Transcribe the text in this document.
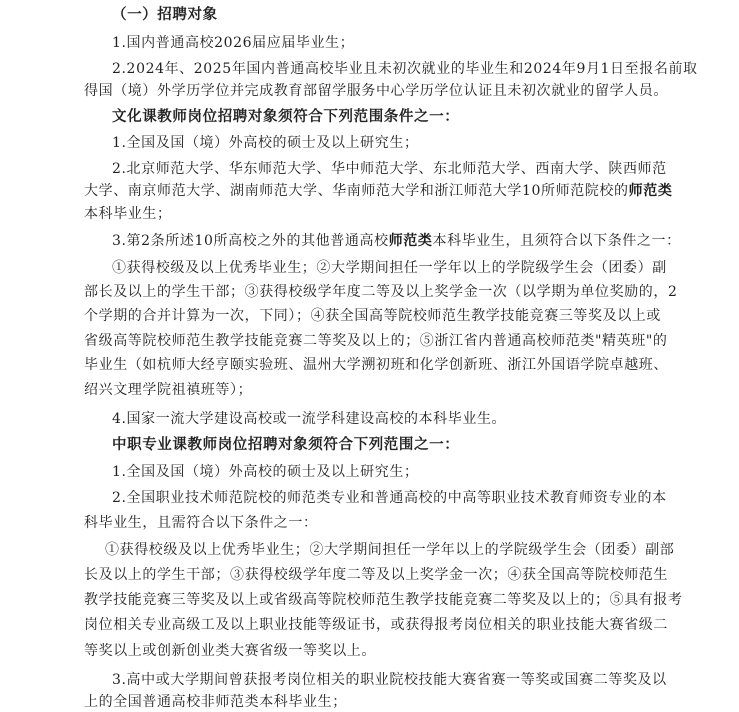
（一）招聘对象
1.国内普通高校2026届应届毕业生；
2.2024年、2025年国内普通高校毕业且未初次就业的毕业生和2024年9月1日至报名前取
得国（境）外学历学位并完成教育部留学服务中心学历学位认证且未初次就业的留学人员。
文化课教师岗位招聘对象须符合下列范围条件之一：
1.全国及国（境）外高校的硕士及以上研究生；
2.北京师范大学、华东师范大学、华中师范大学、东北师范大学、西南大学、陕西师范
大学、南京师范大学、湖南师范大学、华南师范大学和浙江师范大学10所师范院校的师范类
本科毕业生；
3.第2条所述10所高校之外的其他普通高校师范类本科毕业生，且须符合以下条件之一：
①获得校级及以上优秀毕业生；②大学期间担任一学年以上的学院级学生会（团委）副
部长及以上的学生干部；③获得校级学年度二等及以上奖学金一次（以学期为单位奖励的，2
个学期的合并计算为一次，下同）；④获全国高等院校师范生教学技能竞赛三等奖及以上或
省级高等院校师范生教学技能竞赛二等奖及以上的；⑤浙江省内普通高校师范类"精英班"的
毕业生（如杭师大经亨颐实验班、温州大学溯初班和化学创新班、浙江外国语学院卓越班、
绍兴文理学院祖禛班等）；
4.国家一流大学建设高校或一流学科建设高校的本科毕业生。
中职专业课教师岗位招聘对象须符合下列范围之一：
1.全国及国（境）外高校的硕士及以上研究生；
2.全国职业技术师范院校的师范类专业和普通高校的中高等职业技术教育师资专业的本
科毕业生，且需符合以下条件之一：
①获得校级及以上优秀毕业生；②大学期间担任一学年以上的学院级学生会（团委）副部
长及以上的学生干部；③获得校级学年度二等及以上奖学金一次；④获全国高等院校师范生
教学技能竞赛三等奖及以上或省级高等院校师范生教学技能竞赛二等奖及以上的；⑤具有报考
岗位相关专业高级工及以上职业技能等级证书，或获得报考岗位相关的职业技能大赛省级二
等奖以上或创新创业类大赛省级一等奖以上。
3.高中或大学期间曾获报考岗位相关的职业院校技能大赛省赛一等奖或国赛二等奖及以
上的全国普通高校非师范类本科毕业生；
